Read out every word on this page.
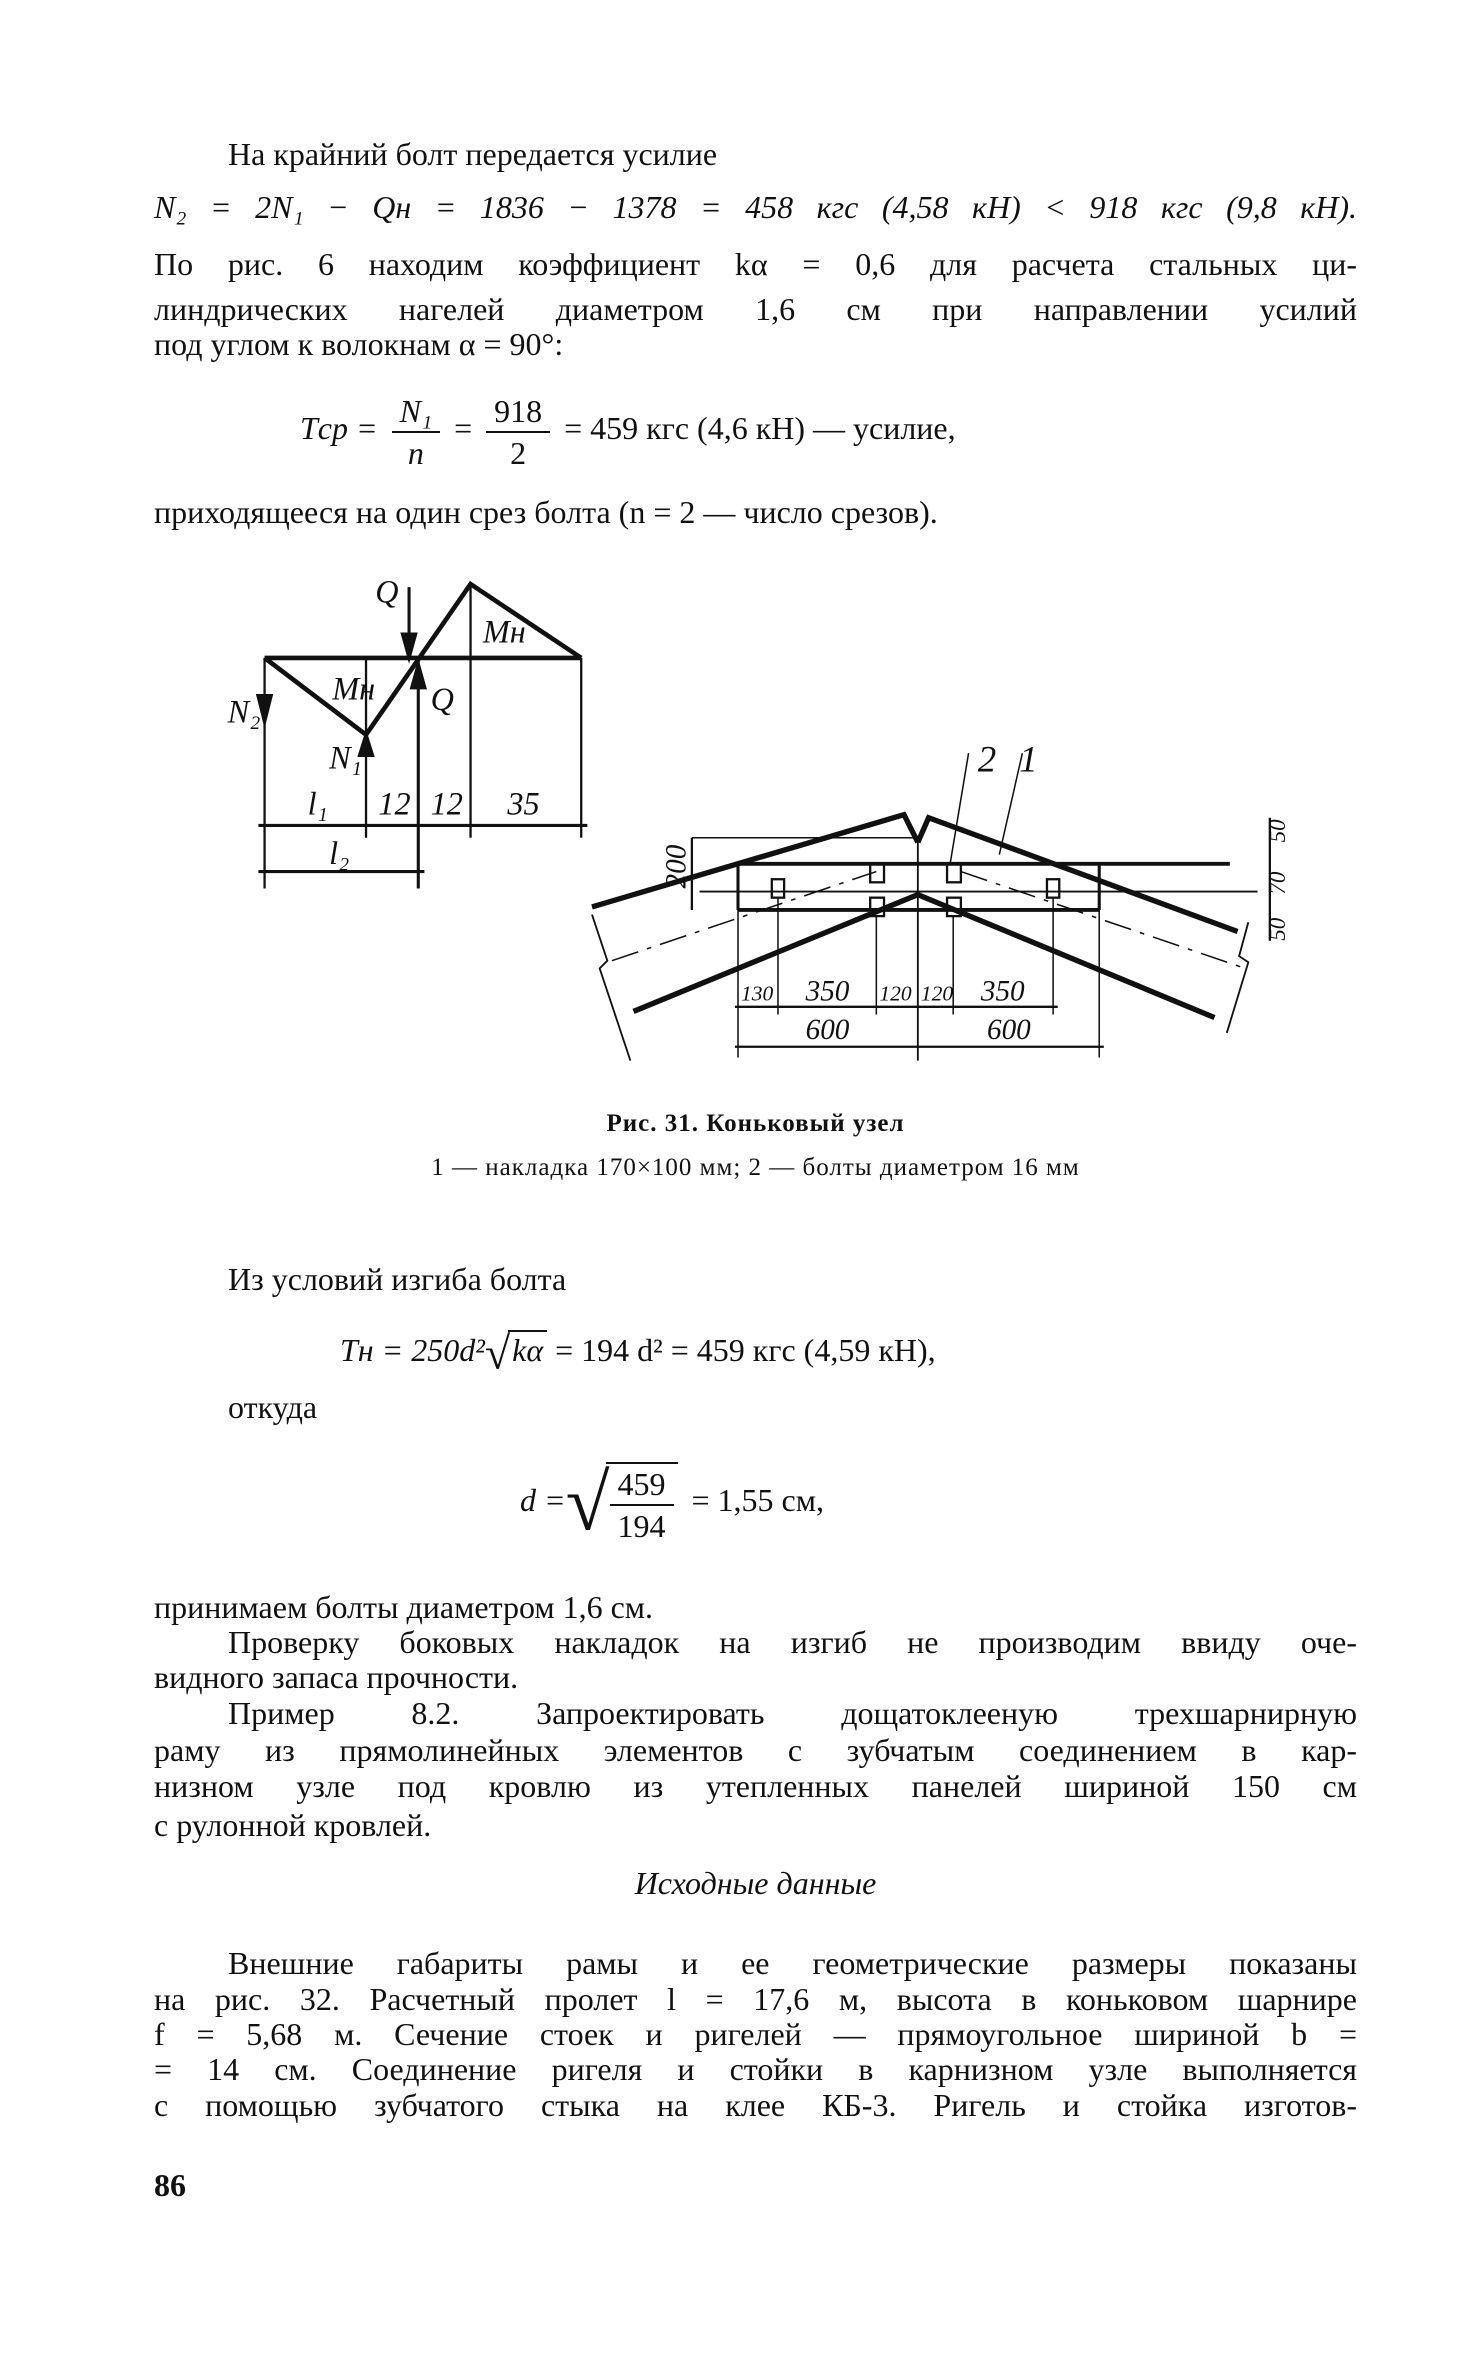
На крайний болт передается усилие
N₂ = 2N₁ − Qн = 1836 − 1378 = 458 кгс (4,58 кН) < 918 кгс (9,8 кН).
По рис. 6 находим коэффициент kα = 0,6 для расчета стальных ци-
линдрических нагелей диаметром 1,6 см при направлении усилий
под углом к волокнам α = 90°:
Tср = $\frac{\text{N₁}}{n} = \frac{918}{2} = 459$ кгс (4,6 кН) — усилие,
приходящееся на один срез болта (n = 2 — число срезов).
Q
Mн
Mн
N₂	Q
N₁
l₁ 12 12 35
l₂
2 1
200
50
70
50
130 350 120 120 350
600	600
Рис. 31. Коньковый узел
1 — накладка 170×100 мм; 2 — болты диаметром 16 мм
Из условий изгиба болта
Tн = 250d²√kα = 194 d² = 459 кгс (4,59 кН),
откуда
d =√
$\frac{459}{194} = 1,55$ см,
принимаем болты диаметром 1,6 см.
Проверку боковых накладок на изгиб не производим ввиду оче-
видного запаса прочности.
Пример 8.2. Запроектировать дощатоклееную трехшарнирную
раму из прямолинейных элементов с зубчатым соединением в кар-
низном узле под кровлю из утепленных панелей шириной 150 см
с рулонной кровлей.
Исходные данные
Внешние габариты рамы и ее геометрические размеры показаны
на рис. 32. Расчетный пролет l = 17,6 м, высота в коньковом шарнире
f = 5,68 м. Сечение стоек и ригелей — прямоугольное шириной b =
= 14 см. Соединение ригеля и стойки в карнизном узле выполняется
с помощью зубчатого стыка на клее КБ-3. Ригель и стойка изготов-
86
